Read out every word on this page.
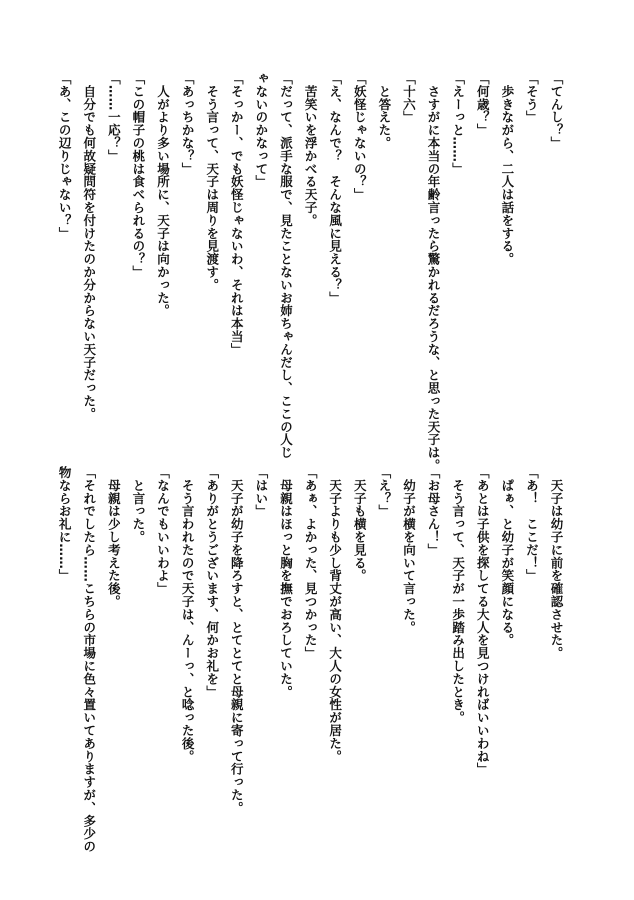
「てんし？」
「そう」
　歩きながら、二人は話をする。
「何歳？」
「えーっと……」
　さすがに本当の年齢言ったら驚かれるだろうな、と思った天子は。
「十六」
　と答えた。
「妖怪じゃないの？」
「え、なんで？　そんな風に見える？」
　苦笑いを浮かべる天子。
「だって、派手な服で、見たことないお姉ちゃんだし、ここの人じ
ゃないのかなって」
「そっかー、でも妖怪じゃないわ、それは本当」
　そう言って、天子は周りを見渡す。
「あっちかな？」
　人がより多い場所に、天子は向かった。
「この帽子の桃は食べられるの？」
「……一応？」
　自分でも何故疑問符を付けたのか分からない天子だった。
「あ、この辺りじゃない？」
　天子は幼子に前を確認させた。
「あ！　ここだ！」
　ぱぁ、と幼子が笑顔になる。
「あとは子供を探してる大人を見つければいいわね」
　そう言って、天子が一歩踏み出したとき。
「お母さん！」
　幼子が横を向いて言った。
「え？」
　天子も横を見る。
　天子よりも少し背丈が高い、大人の女性が居た。
「あぁ、よかった、見つかった」
　母親はほっと胸を撫でおろしていた。
「はい」
　天子が幼子を降ろすと、とてとてと母親に寄って行った。
「ありがとうございます、何かお礼を」
　そう言われたので天子は、んーっ、と唸った後。
「なんでもいいわよ」
　と言った。
　母親は少し考えた後。
「それでしたら……こちらの市場に色々置いてありますが、多少の
物ならお礼に……」
